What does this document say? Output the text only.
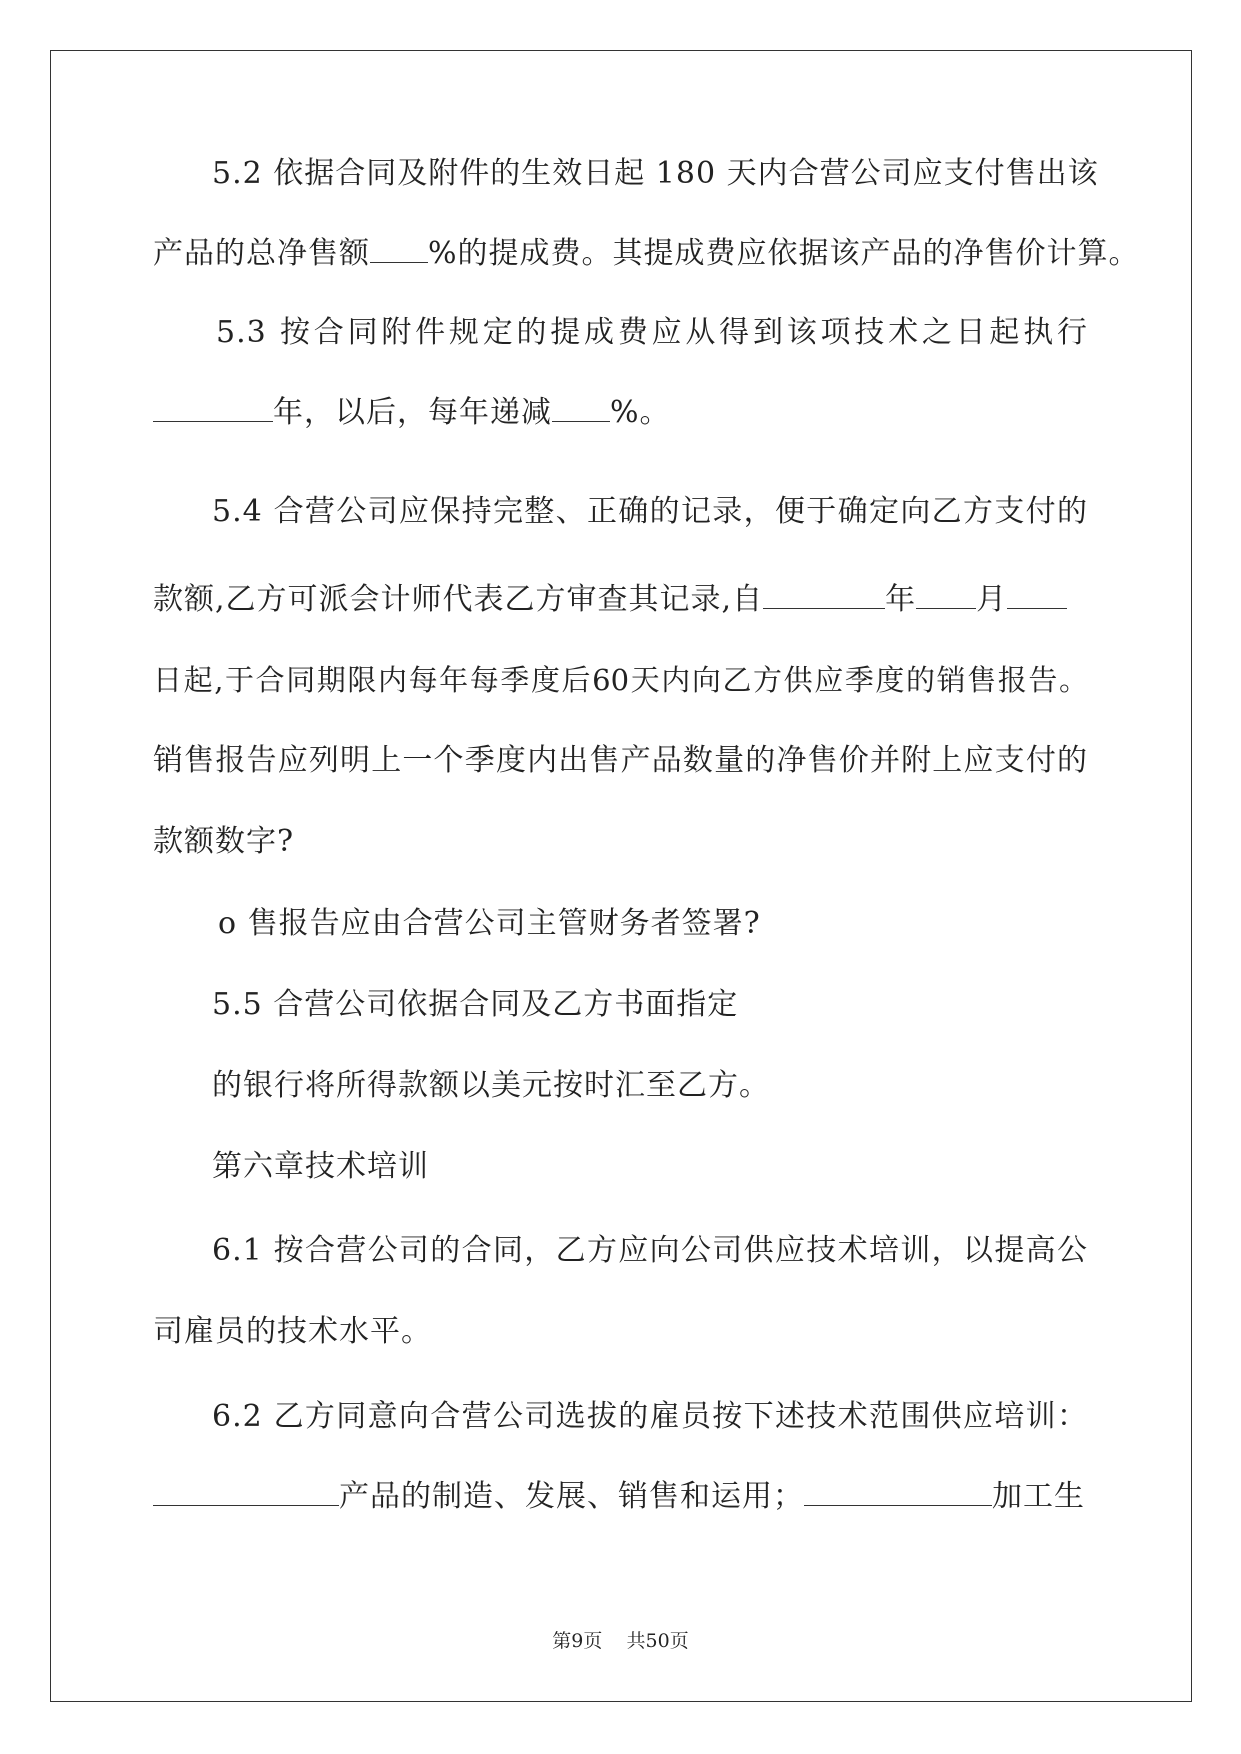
5.2 依据合同及附件的生效日起 180 天内合营公司应支付售出该
产品的总净售额 %的提成费。其提成费应依据该产品的净售价计算。
5.3 按合同附件规定的提成费应从得到该项技术之日起执行
年，以后，每年递减 %。
5.4 合营公司应保持完整、正确的记录，便于确定向乙方支付的
款额,乙方可派会计师代表乙方审查其记录,自	年 月
日起,于合同期限内每年每季度后60天内向乙方供应季度的销售报告。
销售报告应列明上一个季度内出售产品数量的净售价并附上应支付的
款额数字?
o 售报告应由合营公司主管财务者签署?
5.5 合营公司依据合同及乙方书面指定
的银行将所得款额以美元按时汇至乙方。
第六章技术培训
6.1 按合营公司的合同，乙方应向公司供应技术培训，以提高公
司雇员的技术水平。
6.2 乙方同意向合营公司选拔的雇员按下述技术范围供应培训：
产品的制造、发展、销售和运用；	加工生
第9页 共50页
